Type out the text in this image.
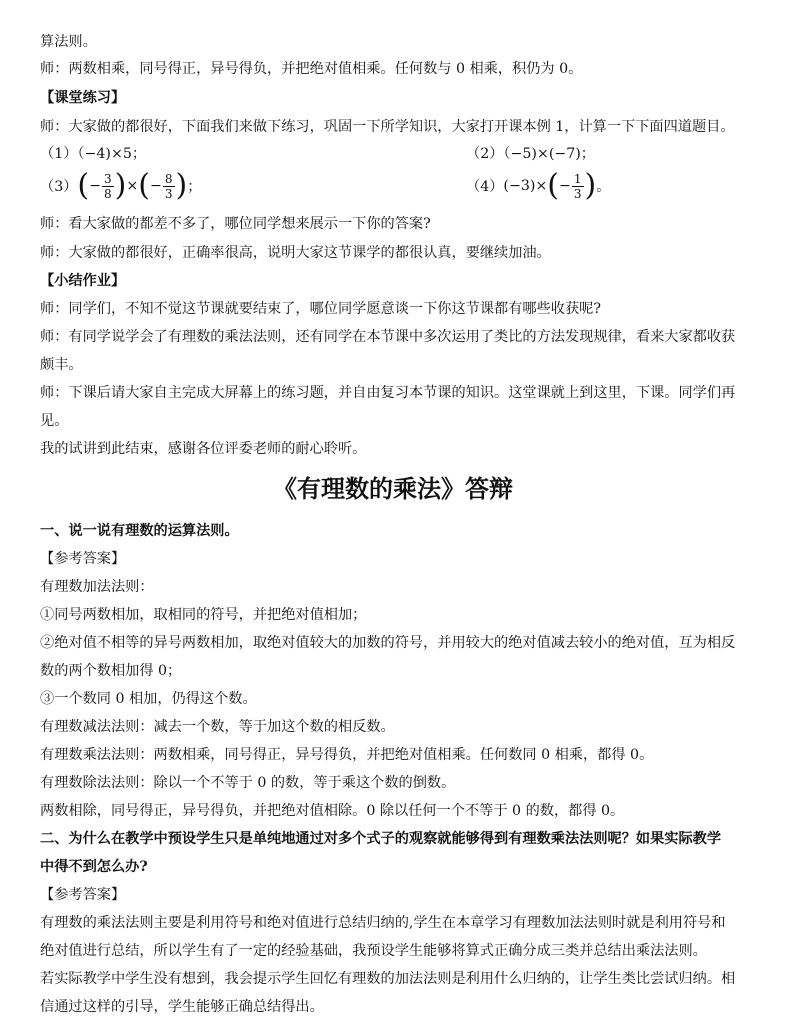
算法则。
师：两数相乘，同号得正，异号得负，并把绝对值相乘。任何数与 0 相乘，积仍为 0。
【课堂练习】
师：大家做的都很好，下面我们来做下练习，巩固一下所学知识，大家打开课本例 1，计算一下下面四道题目。
（1）（−4)×5；	（2）（−5)×(−7)；
（3） ( − $\frac{3}{8}$ ) × ( − $\frac{8}{3}$ ) ；	（4） (−3) × ( − $\frac{1}{3}$ ) 。
师：看大家做的都差不多了，哪位同学想来展示一下你的答案?
师：大家做的都很好，正确率很高，说明大家这节课学的都很认真，要继续加油。
【小结作业】
师：同学们，不知不觉这节课就要结束了，哪位同学愿意谈一下你这节课都有哪些收获呢?
师：有同学说学会了有理数的乘法法则，还有同学在本节课中多次运用了类比的方法发现规律，看来大家都收获
颇丰。
师：下课后请大家自主完成大屏幕上的练习题，并自由复习本节课的知识。这堂课就上到这里，下课。同学们再
见。
我的试讲到此结束，感谢各位评委老师的耐心聆听。
《有理数的乘法》答辩
一、说一说有理数的运算法则。
【参考答案】
有理数加法法则：
①同号两数相加，取相同的符号，并把绝对值相加；
②绝对值不相等的异号两数相加，取绝对值较大的加数的符号，并用较大的绝对值减去较小的绝对值，互为相反
数的两个数相加得 0；
③一个数同 0 相加，仍得这个数。
有理数减法法则：减去一个数，等于加这个数的相反数。
有理数乘法法则：两数相乘，同号得正，异号得负，并把绝对值相乘。任何数同 0 相乘，都得 0。
有理数除法法则：除以一个不等于 0 的数，等于乘这个数的倒数。
两数相除，同号得正，异号得负，并把绝对值相除。0 除以任何一个不等于 0 的数，都得 0。
二、为什么在教学中预设学生只是单纯地通过对多个式子的观察就能够得到有理数乘法法则呢？如果实际教学
中得不到怎么办?
【参考答案】
有理数的乘法法则主要是利用符号和绝对值进行总结归纳的,学生在本章学习有理数加法法则时就是利用符号和
绝对值进行总结，所以学生有了一定的经验基础，我预设学生能够将算式正确分成三类并总结出乘法法则。
若实际教学中学生没有想到，我会提示学生回忆有理数的加法法则是利用什么归纳的，让学生类比尝试归纳。相
信通过这样的引导，学生能够正确总结得出。
